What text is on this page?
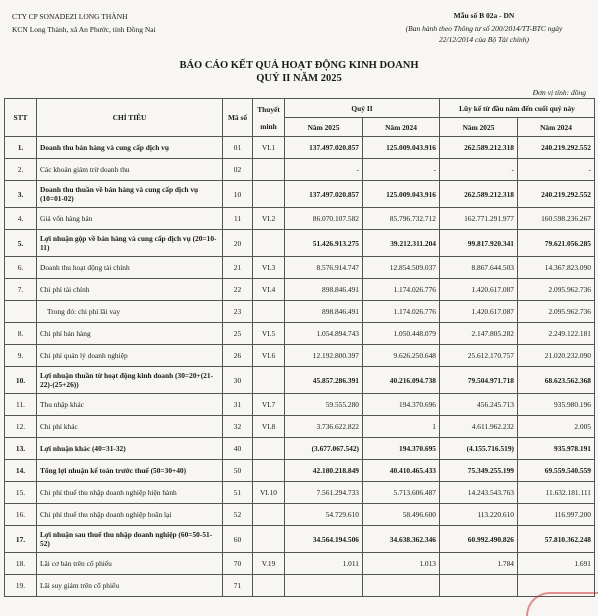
CTY CP SONADEZI LONG THÀNH
KCN Long Thành, xã An Phước, tỉnh Đồng Nai
Mẫu số B 02a - DN
(Ban hành theo Thông tư số 200/2014/TT-BTC ngày
22/12/2014 của Bộ Tài chính)
BÁO CÁO KẾT QUẢ HOẠT ĐỘNG KINH DOANH
QUÝ II NĂM 2025
Đơn vị tính: đồng
STT	CHỈ TIÊU	Mã số	Thuyết
minh	Quý II		Lũy kế từ đầu năm đến cuối quý này	
				Năm 2025	Năm 2024	Năm 2025	Năm 2024
1.	Doanh thu bán hàng và cung cấp dịch vụ	01	VI.1	137.497.020.857	125.009.043.916	262.589.212.318	240.219.292.552
2.	Các khoản giảm trừ doanh thu	02		-	-	-	-
3.	Doanh thu thuần về bán hàng và cung cấp dịch vụ (10=01-02)	10		137.497.020.857	125.009.043.916	262.589.212.318	240.219.292.552
4.	Giá vốn hàng bán	11	VI.2	86.070.107.582	85.796.732.712	162.771.291.977	160.598.236.267
5.	Lợi nhuận gộp về bán hàng và cung cấp dịch vụ (20=10-11)	20		51.426.913.275	39.212.311.204	99.817.920.341	79.621.056.285
6.	Doanh thu hoạt động tài chính	21	VI.3	8.576.914.747	12.854.509.037	8.867.644.503	14.367.823.090
7.	Chi phí tài chính	22	VI.4	898.846.491	1.174.026.776	1.420.617.087	2.095.962.736
	Trong đó: chi phí lãi vay	23		898.846.491	1.174.026.776	1.420.617.087	2.095.962.736
8.	Chi phí bán hàng	25	VI.5	1.054.894.743	1.050.448.079	2.147.805.282	2.249.122.181
9.	Chi phí quản lý doanh nghiệp	26	VI.6	12.192.800.397	9.626.250.648	25.612.170.757	21.020.232.090
10.	Lợi nhuận thuần từ hoạt động kinh doanh (30=20+(21-22)-(25+26))	30		45.857.286.391	40.216.094.738	79.504.971.718	68.623.562.368
11.	Thu nhập khác	31	VI.7	59.555.280	194.370.696	456.245.713	935.980.196
12.	Chi phí khác	32	VI.8	3.736.622.822	1	4.611.962.232	2.005
13.	Lợi nhuận khác (40=31-32)	40		(3.677.067.542)	194.370.695	(4.155.716.519)	935.978.191
14.	Tổng lợi nhuận kế toán trước thuế (50=30+40)	50		42.180.218.849	40.410.465.433	75.349.255.199	69.559.540.559
15.	Chi phí thuế thu nhập doanh nghiệp hiện hành	51	VI.10	7.561.294.733	5.713.606.487	14.243.543.763	11.632.181.111
16.	Chi phí thuế thu nhập doanh nghiệp hoãn lại	52		54.729.610	58.496.600	113.220.610	116.997.200
17.	Lợi nhuận sau thuế thu nhập doanh nghiệp (60=50-51-52)	60		34.564.194.506	34.638.362.346	60.992.490.826	57.810.362.248
18.	Lãi cơ bản trên cổ phiếu	70	V.19	1.011	1.013	1.784	1.691
19.	Lãi suy giảm trên cổ phiếu	71					
